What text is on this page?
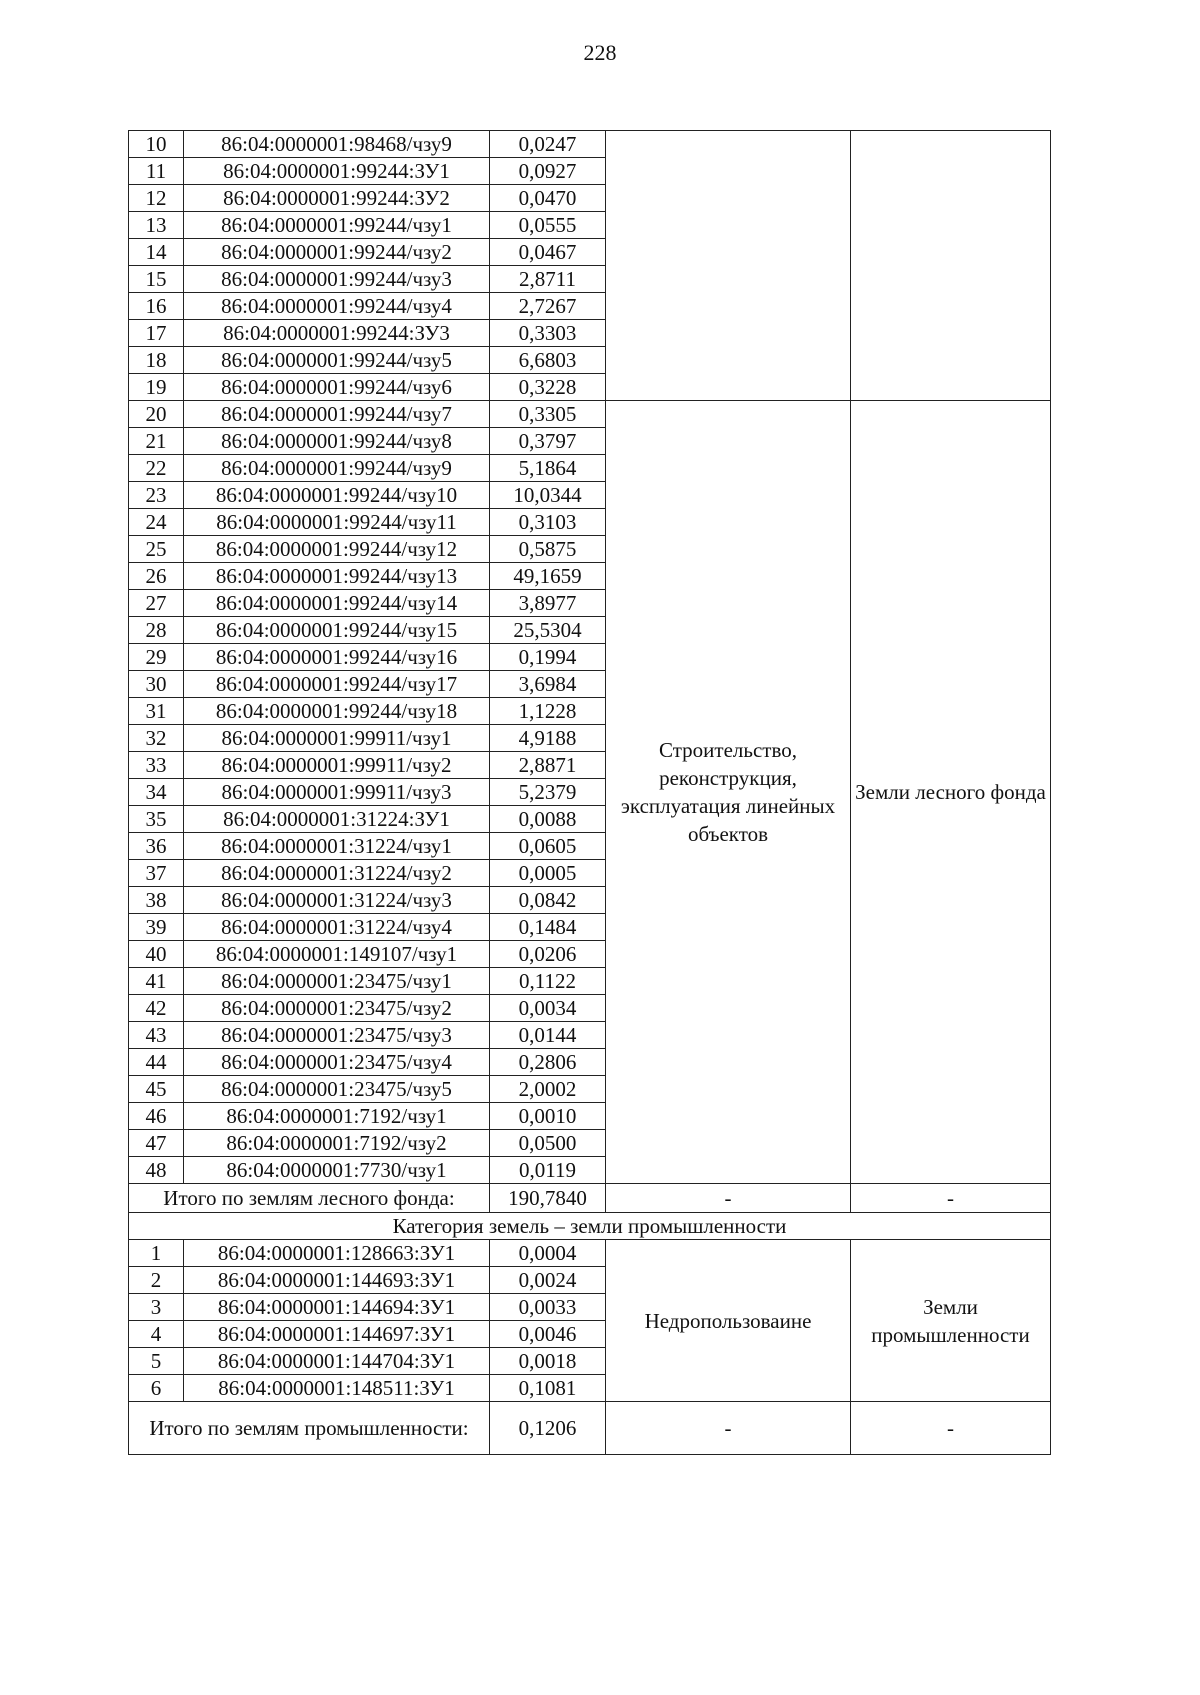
228
10	86:04:0000001:98468/чзу9	0,0247		
11	86:04:0000001:99244:ЗУ1	0,0927		
12	86:04:0000001:99244:ЗУ2	0,0470		
13	86:04:0000001:99244/чзу1	0,0555		
14	86:04:0000001:99244/чзу2	0,0467		
15	86:04:0000001:99244/чзу3	2,8711		
16	86:04:0000001:99244/чзу4	2,7267		
17	86:04:0000001:99244:ЗУ3	0,3303		
18	86:04:0000001:99244/чзу5	6,6803		
19	86:04:0000001:99244/чзу6	0,3228		
20	86:04:0000001:99244/чзу7	0,3305	Строительство, реконструкция, эксплуатация линейных объектов	Земли лесного фонда
21	86:04:0000001:99244/чзу8	0,3797		
22	86:04:0000001:99244/чзу9	5,1864		
23	86:04:0000001:99244/чзу10	10,0344		
24	86:04:0000001:99244/чзу11	0,3103		
25	86:04:0000001:99244/чзу12	0,5875		
26	86:04:0000001:99244/чзу13	49,1659		
27	86:04:0000001:99244/чзу14	3,8977		
28	86:04:0000001:99244/чзу15	25,5304		
29	86:04:0000001:99244/чзу16	0,1994		
30	86:04:0000001:99244/чзу17	3,6984		
31	86:04:0000001:99244/чзу18	1,1228		
32	86:04:0000001:99911/чзу1	4,9188		
33	86:04:0000001:99911/чзу2	2,8871		
34	86:04:0000001:99911/чзу3	5,2379		
35	86:04:0000001:31224:ЗУ1	0,0088		
36	86:04:0000001:31224/чзу1	0,0605		
37	86:04:0000001:31224/чзу2	0,0005		
38	86:04:0000001:31224/чзу3	0,0842		
39	86:04:0000001:31224/чзу4	0,1484		
40	86:04:0000001:149107/чзу1	0,0206		
41	86:04:0000001:23475/чзу1	0,1122		
42	86:04:0000001:23475/чзу2	0,0034		
43	86:04:0000001:23475/чзу3	0,0144		
44	86:04:0000001:23475/чзу4	0,2806		
45	86:04:0000001:23475/чзу5	2,0002		
46	86:04:0000001:7192/чзу1	0,0010		
47	86:04:0000001:7192/чзу2	0,0500		
48	86:04:0000001:7730/чзу1	0,0119		
Итого по землям лесного фонда:		190,7840	-	-
Категория земель – земли промышленности				
1	86:04:0000001:128663:ЗУ1	0,0004	Недропользоваине	Земли промышленности
2	86:04:0000001:144693:ЗУ1	0,0024		
3	86:04:0000001:144694:ЗУ1	0,0033		
4	86:04:0000001:144697:ЗУ1	0,0046		
5	86:04:0000001:144704:ЗУ1	0,0018		
6	86:04:0000001:148511:ЗУ1	0,1081		
Итого по землям промышленности:		0,1206	-	-
